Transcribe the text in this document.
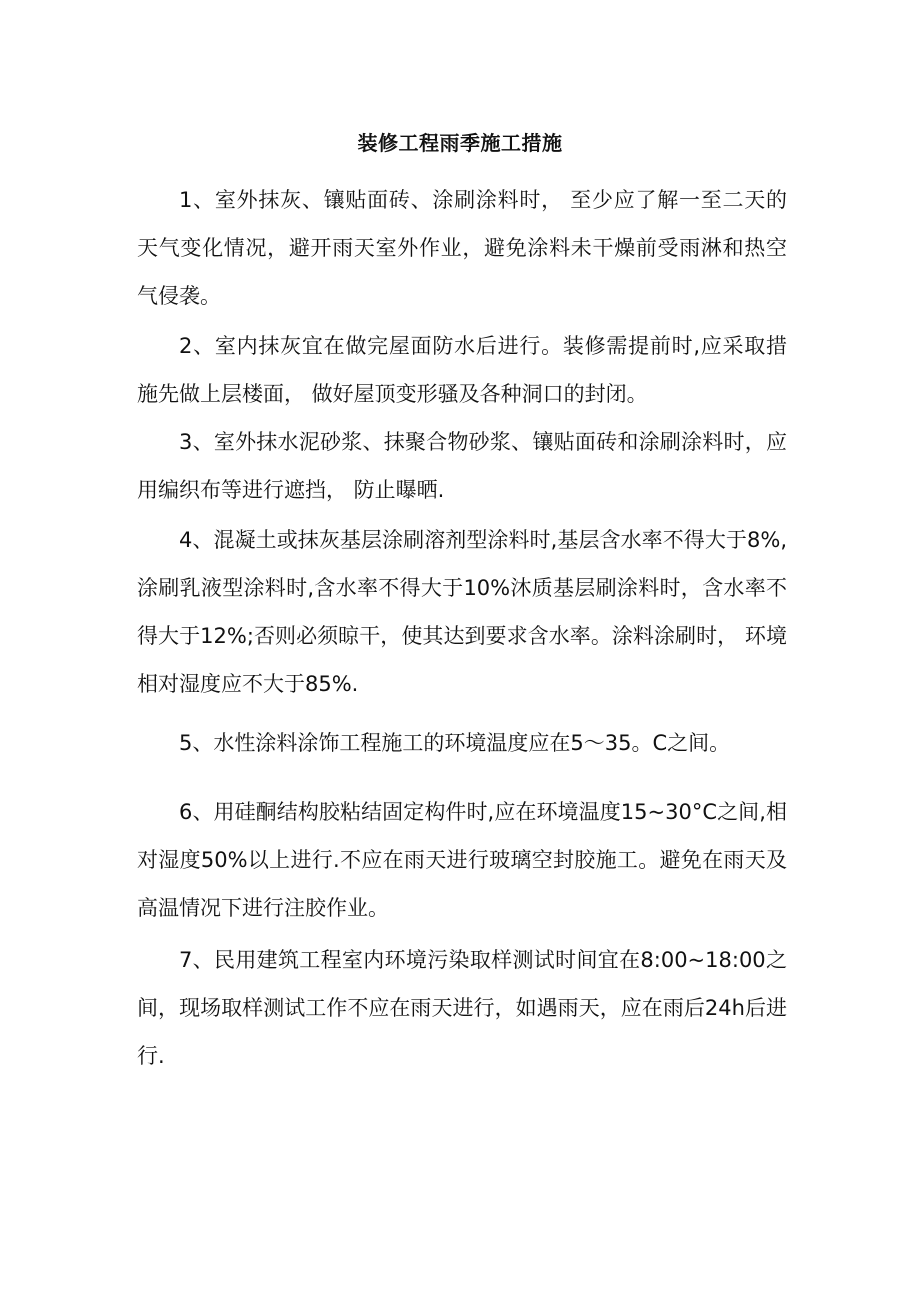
装修工程雨季施工措施

1、室外抹灰、镶贴面砖、涂刷涂料时， 至少应了解一至二天的天气变化情况，避开雨天室外作业，避免涂料未干燥前受雨淋和热空气侵袭。

2、室内抹灰宜在做完屋面防水后进行。装修需提前时,应采取措施先做上层楼面， 做好屋顶变形骚及各种洞口的封闭。

3、室外抹水泥砂浆、抹聚合物砂浆、镶贴面砖和涂刷涂料时，应用编织布等进行遮挡， 防止曝晒.

4、混凝土或抹灰基层涂刷溶剂型涂料时,基层含水率不得大于8%,涂刷乳液型涂料时,含水率不得大于10%沐质基层刷涂料时，含水率不得大于12%;否则必须晾干，使其达到要求含水率。涂料涂刷时， 环境相对湿度应不大于85%.

5、水性涂料涂饰工程施工的环境温度应在5～35。C之间。

6、用硅酮结构胶粘结固定构件时,应在环境温度15~30°C之间,相对湿度50%以上进行.不应在雨天进行玻璃空封胶施工。避免在雨天及高温情况下进行注胶作业。

7、民用建筑工程室内环境污染取样测试时间宜在8:00~18:00之间，现场取样测试工作不应在雨天进行，如遇雨天，应在雨后24h后进行.
